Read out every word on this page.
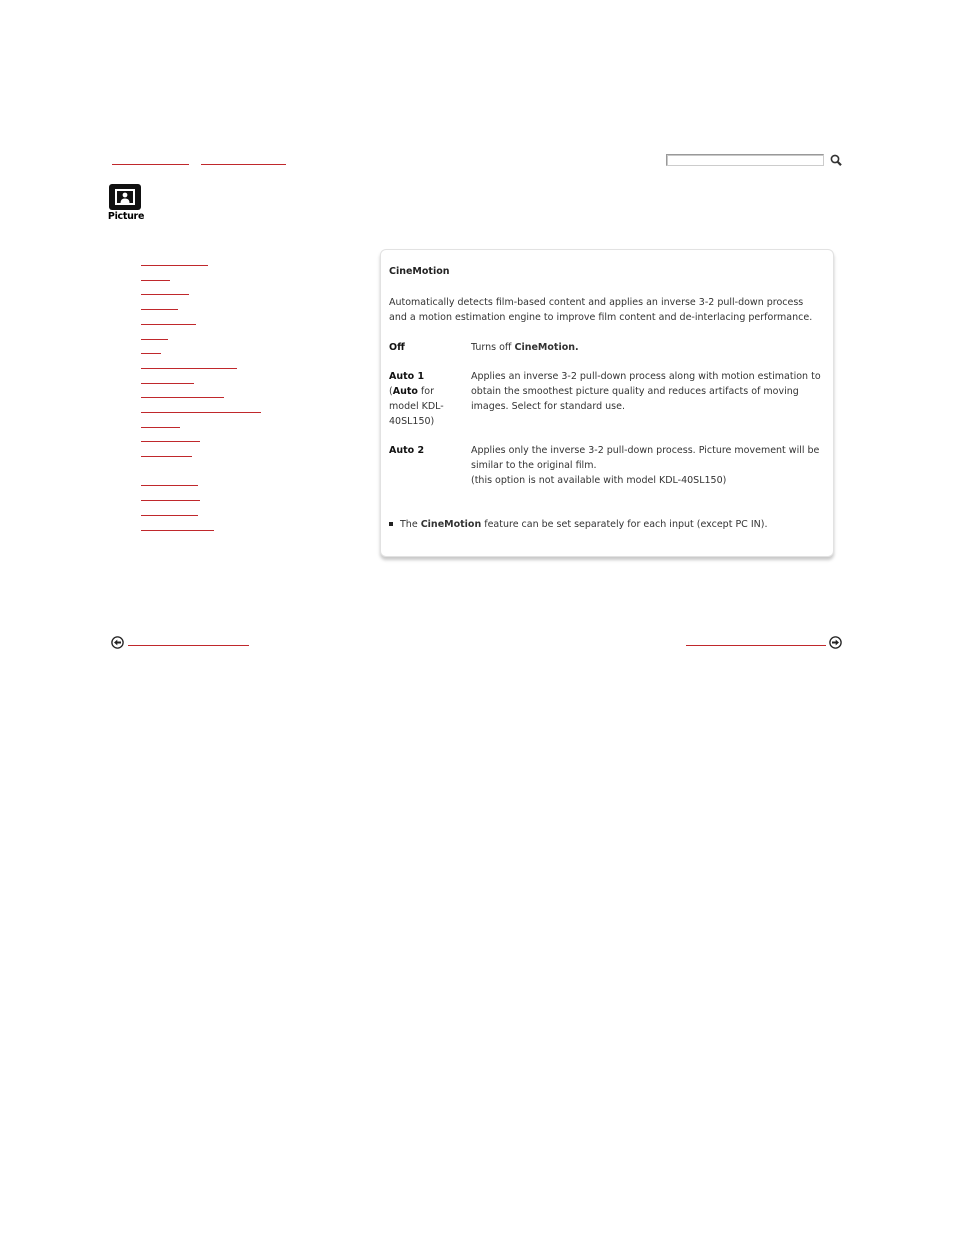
Picture
CineMotion
Automatically detects film-based content and applies an inverse 3-2 pull-down process and a motion estimation engine to improve film content and de-interlacing performance.
Off	Turns off CineMotion.
Auto 1
(Auto for model KDL-40SL150)
Applies an inverse 3-2 pull-down process along with motion estimation to obtain the smoothest picture quality and reduces artifacts of moving images. Select for standard use.
Auto 2	Applies only the inverse 3-2 pull-down process. Picture movement will be similar to the original film.
(this option is not available with model KDL-40SL150)
The CineMotion feature can be set separately for each input (except PC IN).
